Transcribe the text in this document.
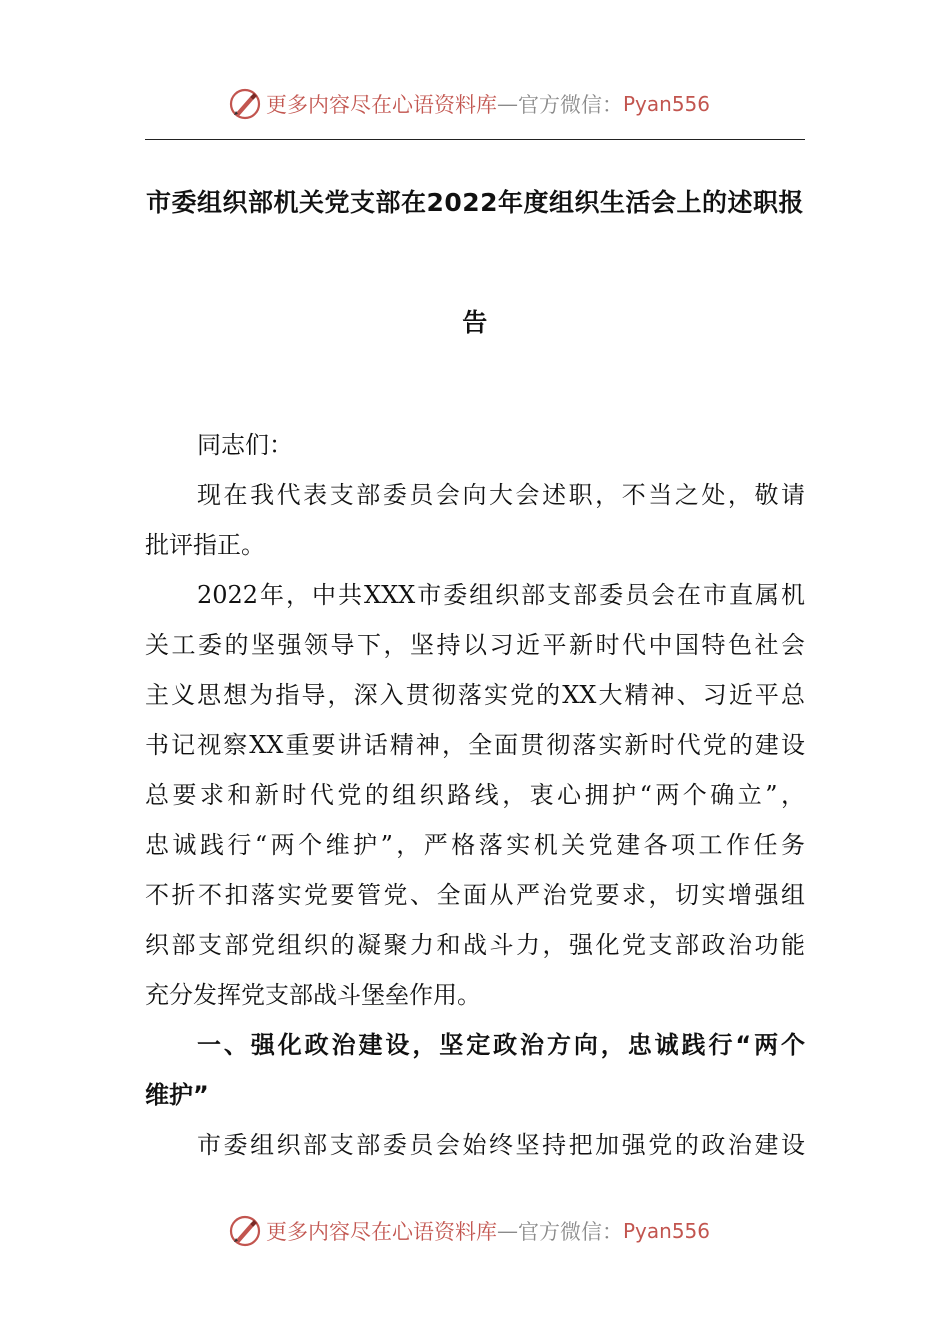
更多内容尽在心语资料库 — 官方微信： Pyan556
市委组织部机关党支部在2022年度组织生活会上的述职报
告
同志们：
现在我代表支部委员会向大会述职，不当之处，敬请
批评指正。
2022年，中共XXX市委组织部支部委员会在市直属机
关工委的坚强领导下，坚持以习近平新时代中国特色社会
主义思想为指导，深入贯彻落实党的XX大精神、习近平总
书记视察XX重要讲话精神，全面贯彻落实新时代党的建设
总要求和新时代党的组织路线，衷心拥护“两个确立”，
忠诚践行“两个维护”，严格落实机关党建各项工作任务
不折不扣落实党要管党、全面从严治党要求，切实增强组
织部支部党组织的凝聚力和战斗力，强化党支部政治功能
充分发挥党支部战斗堡垒作用。
一、强化政治建设，坚定政治方向，忠诚践行“两个
维护”
市委组织部支部委员会始终坚持把加强党的政治建设
更多内容尽在心语资料库 — 官方微信： Pyan556
